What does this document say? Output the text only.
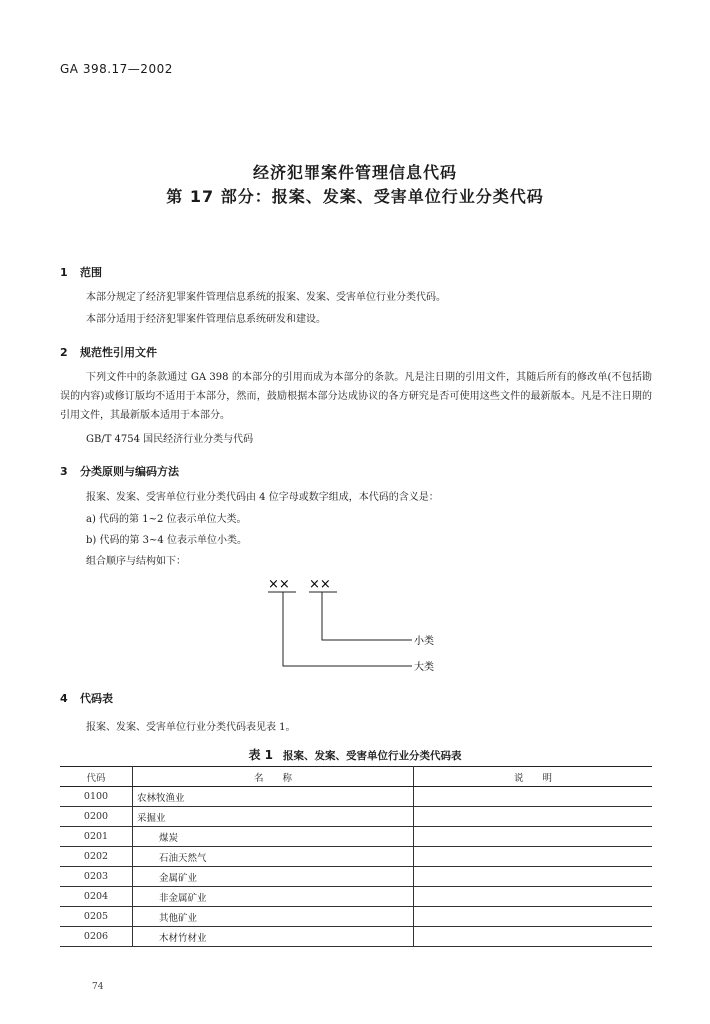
GA 398.17—2002
经济犯罪案件管理信息代码
第 17 部分：报案、发案、受害单位行业分类代码
1 范围
本部分规定了经济犯罪案件管理信息系统的报案、发案、受害单位行业分类代码。
本部分适用于经济犯罪案件管理信息系统研发和建设。
2 规范性引用文件
下列文件中的条款通过 GA 398 的本部分的引用而成为本部分的条款。凡是注日期的引用文件，其随后所有的修改单(不包括勘误的内容)或修订版均不适用于本部分，然而，鼓励根据本部分达成协议的各方研究是否可使用这些文件的最新版本。凡是不注日期的引用文件，其最新版本适用于本部分。
GB/T 4754 国民经济行业分类与代码
3 分类原则与编码方法
报案、发案、受害单位行业分类代码由 4 位字母或数字组成，本代码的含义是：
a) 代码的第 1~2 位表示单位大类。
b) 代码的第 3~4 位表示单位小类。
组合顺序与结构如下：
×× ××
小类
大类
4 代码表
报案、发案、受害单位行业分类代码表见表 1。
表 1 报案、发案、受害单位行业分类代码表
代码	名　　称	说　　明
0100	农林牧渔业	
0200	采掘业	
0201	煤炭	
0202	石油天然气	
0203	金属矿业	
0204	非金属矿业	
0205	其他矿业	
0206	木材竹材业	
74
